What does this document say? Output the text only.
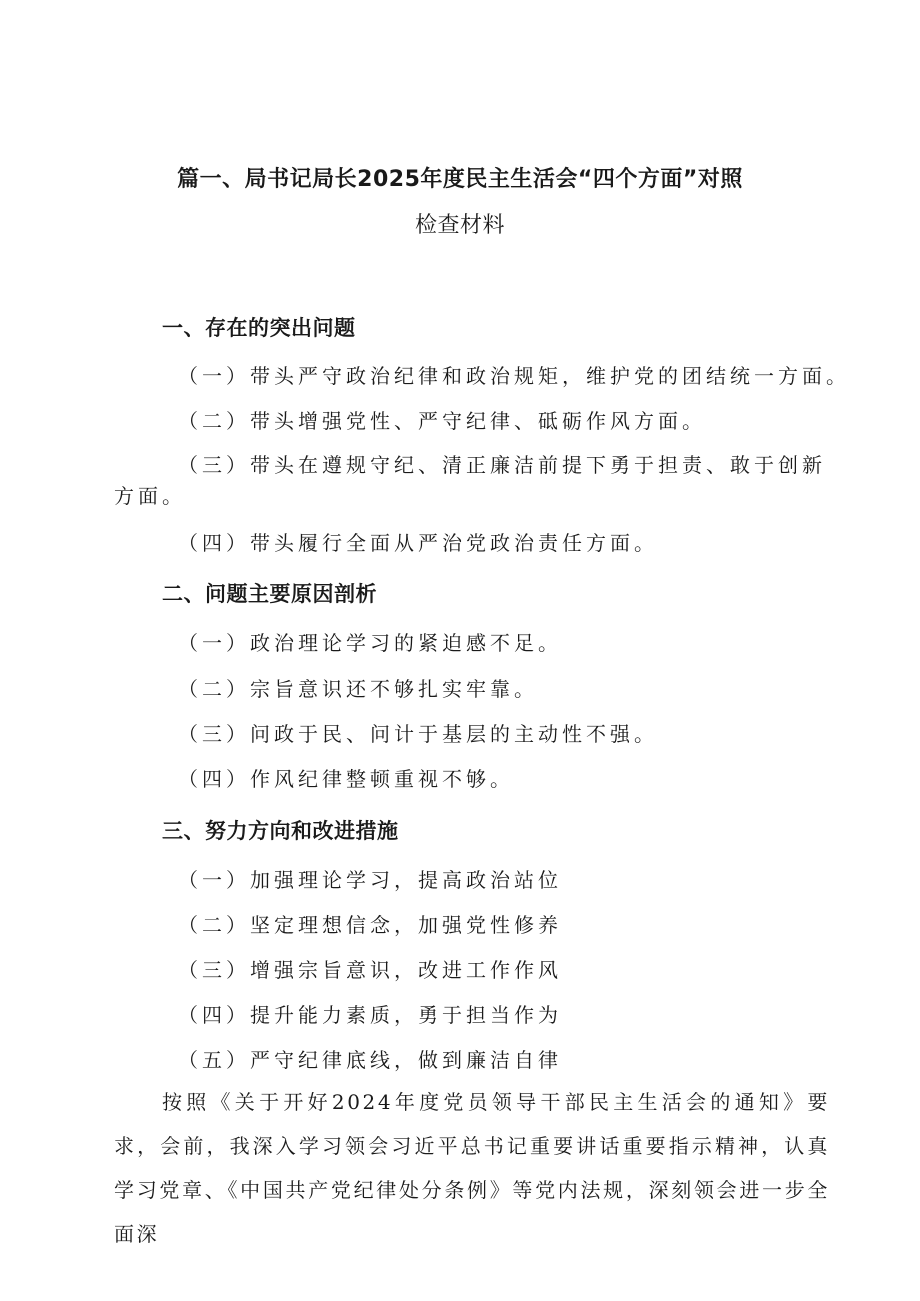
篇一、局书记局长2025年度民主生活会“四个方面”对照
检查材料
一、存在的突出问题
（一）带头严守政治纪律和政治规矩，维护党的团结统一方面。
（二）带头增强党性、严守纪律、砥砺作风方面。
（三）带头在遵规守纪、清正廉洁前提下勇于担责、敢于创新方面。
（四）带头履行全面从严治党政治责任方面。
二、问题主要原因剖析
（一）政治理论学习的紧迫感不足。
（二）宗旨意识还不够扎实牢靠。
（三）问政于民、问计于基层的主动性不强。
（四）作风纪律整顿重视不够。
三、努力方向和改进措施
（一）加强理论学习，提高政治站位
（二）坚定理想信念，加强党性修养
（三）增强宗旨意识，改进工作作风
（四）提升能力素质，勇于担当作为
（五）严守纪律底线，做到廉洁自律
按照《关于开好2024年度党员领导干部民主生活会的通知》要求，会前，我深入学习领会习近平总书记重要讲话重要指示精神，认真学习党章、《中国共产党纪律处分条例》等党内法规，深刻领会进一步全面深
